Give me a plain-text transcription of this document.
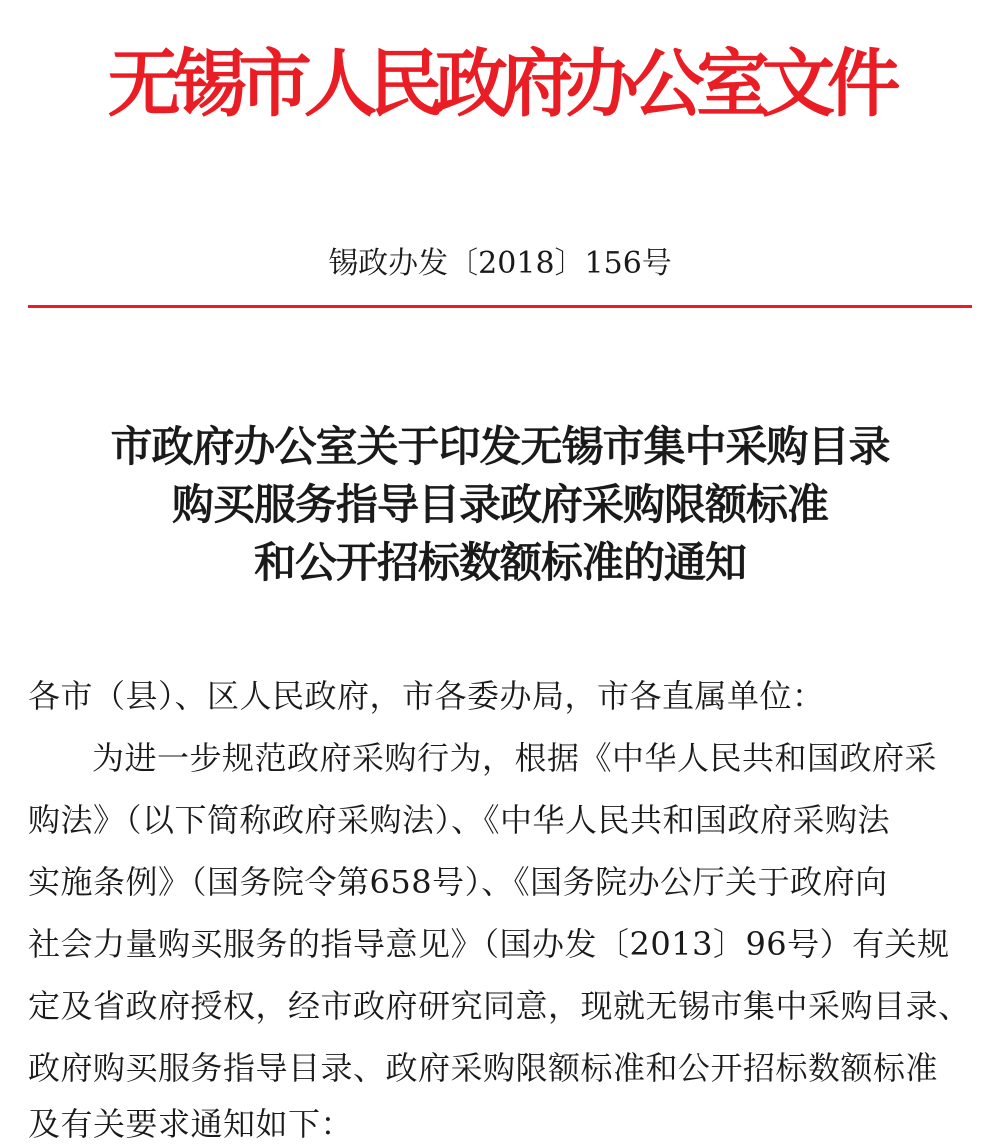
无锡市人民政府办公室文件
锡政办发〔2018〕156号
市政府办公室关于印发无锡市集中采购目录
购买服务指导目录政府采购限额标准
和公开招标数额标准的通知
各市（县）、区人民政府，市各委办局，市各直属单位：
为进一步规范政府采购行为，根据《中华人民共和国政府采
购法》（以下简称政府采购法）、《中华人民共和国政府采购法
实施条例》（国务院令第658号）、《国务院办公厅关于政府向
社会力量购买服务的指导意见》（国办发〔2013〕96号）有关规
定及省政府授权，经市政府研究同意，现就无锡市集中采购目录、
政府购买服务指导目录、政府采购限额标准和公开招标数额标准
及有关要求通知如下：
